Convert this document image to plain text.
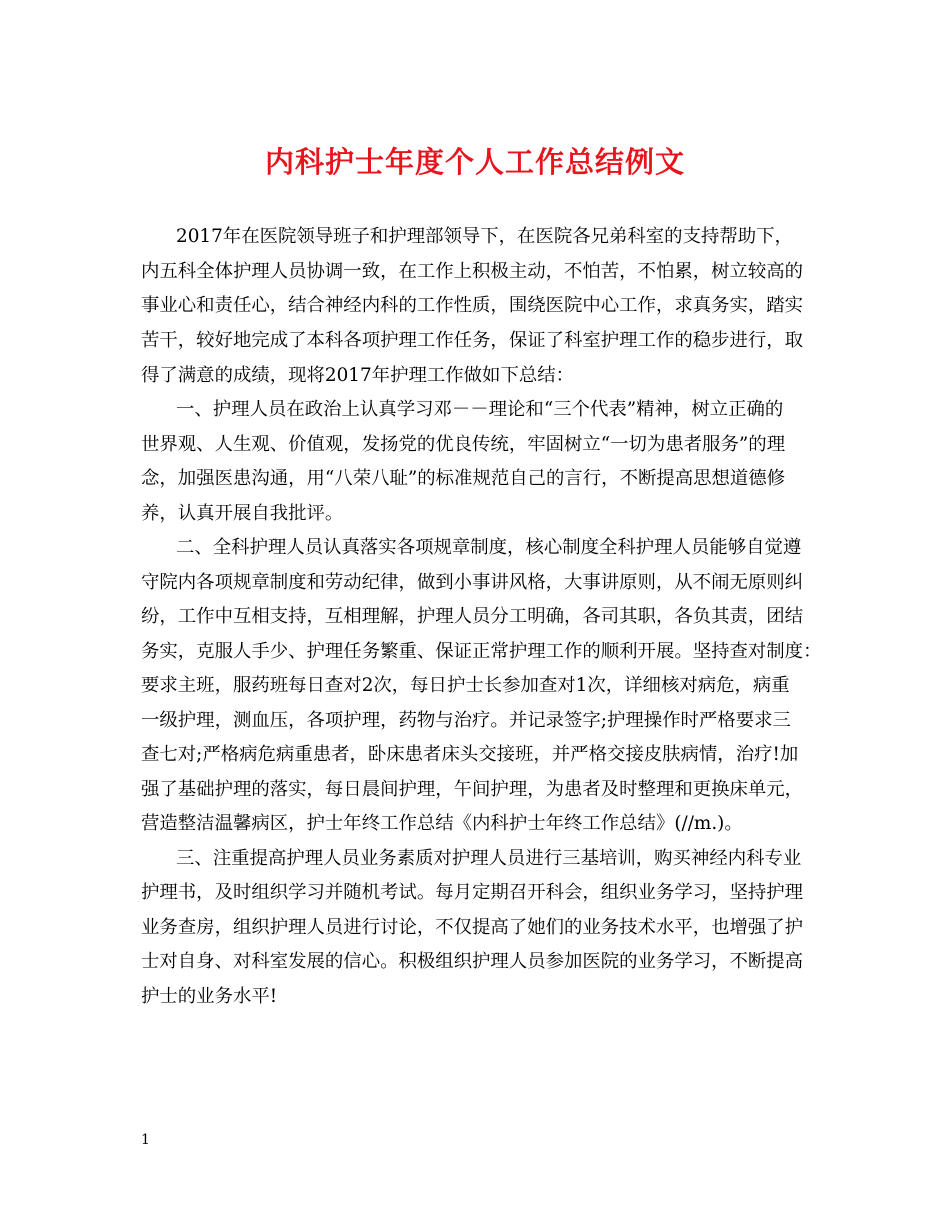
内科护士年度个人工作总结例文
2017年在医院领导班子和护理部领导下，在医院各兄弟科室的支持帮助下，
内五科全体护理人员协调一致，在工作上积极主动，不怕苦，不怕累，树立较高的
事业心和责任心，结合神经内科的工作性质，围绕医院中心工作，求真务实，踏实
苦干，较好地完成了本科各项护理工作任务，保证了科室护理工作的稳步进行，取
得了满意的成绩，现将2017年护理工作做如下总结：
一、护理人员在政治上认真学习邓－－理论和“三个代表”精神，树立正确的
世界观、人生观、价值观，发扬党的优良传统，牢固树立“一切为患者服务”的理
念，加强医患沟通，用“八荣八耻”的标准规范自己的言行，不断提高思想道德修
养，认真开展自我批评。
二、全科护理人员认真落实各项规章制度，核心制度全科护理人员能够自觉遵
守院内各项规章制度和劳动纪律，做到小事讲风格，大事讲原则，从不闹无原则纠
纷，工作中互相支持，互相理解，护理人员分工明确，各司其职，各负其责，团结
务实，克服人手少、护理任务繁重、保证正常护理工作的顺利开展。坚持查对制度：
要求主班，服药班每日查对2次，每日护士长参加查对1次，详细核对病危，病重
一级护理，测血压，各项护理，药物与治疗。并记录签字;护理操作时严格要求三
查七对;严格病危病重患者，卧床患者床头交接班，并严格交接皮肤病情，治疗!加
强了基础护理的落实，每日晨间护理，午间护理，为患者及时整理和更换床单元，
营造整洁温馨病区，护士年终工作总结《内科护士年终工作总结》(//m.)。
三、注重提高护理人员业务素质对护理人员进行三基培训，购买神经内科专业
护理书，及时组织学习并随机考试。每月定期召开科会，组织业务学习，坚持护理
业务查房，组织护理人员进行讨论，不仅提高了她们的业务技术水平，也增强了护
士对自身、对科室发展的信心。积极组织护理人员参加医院的业务学习，不断提高
护士的业务水平!
1
